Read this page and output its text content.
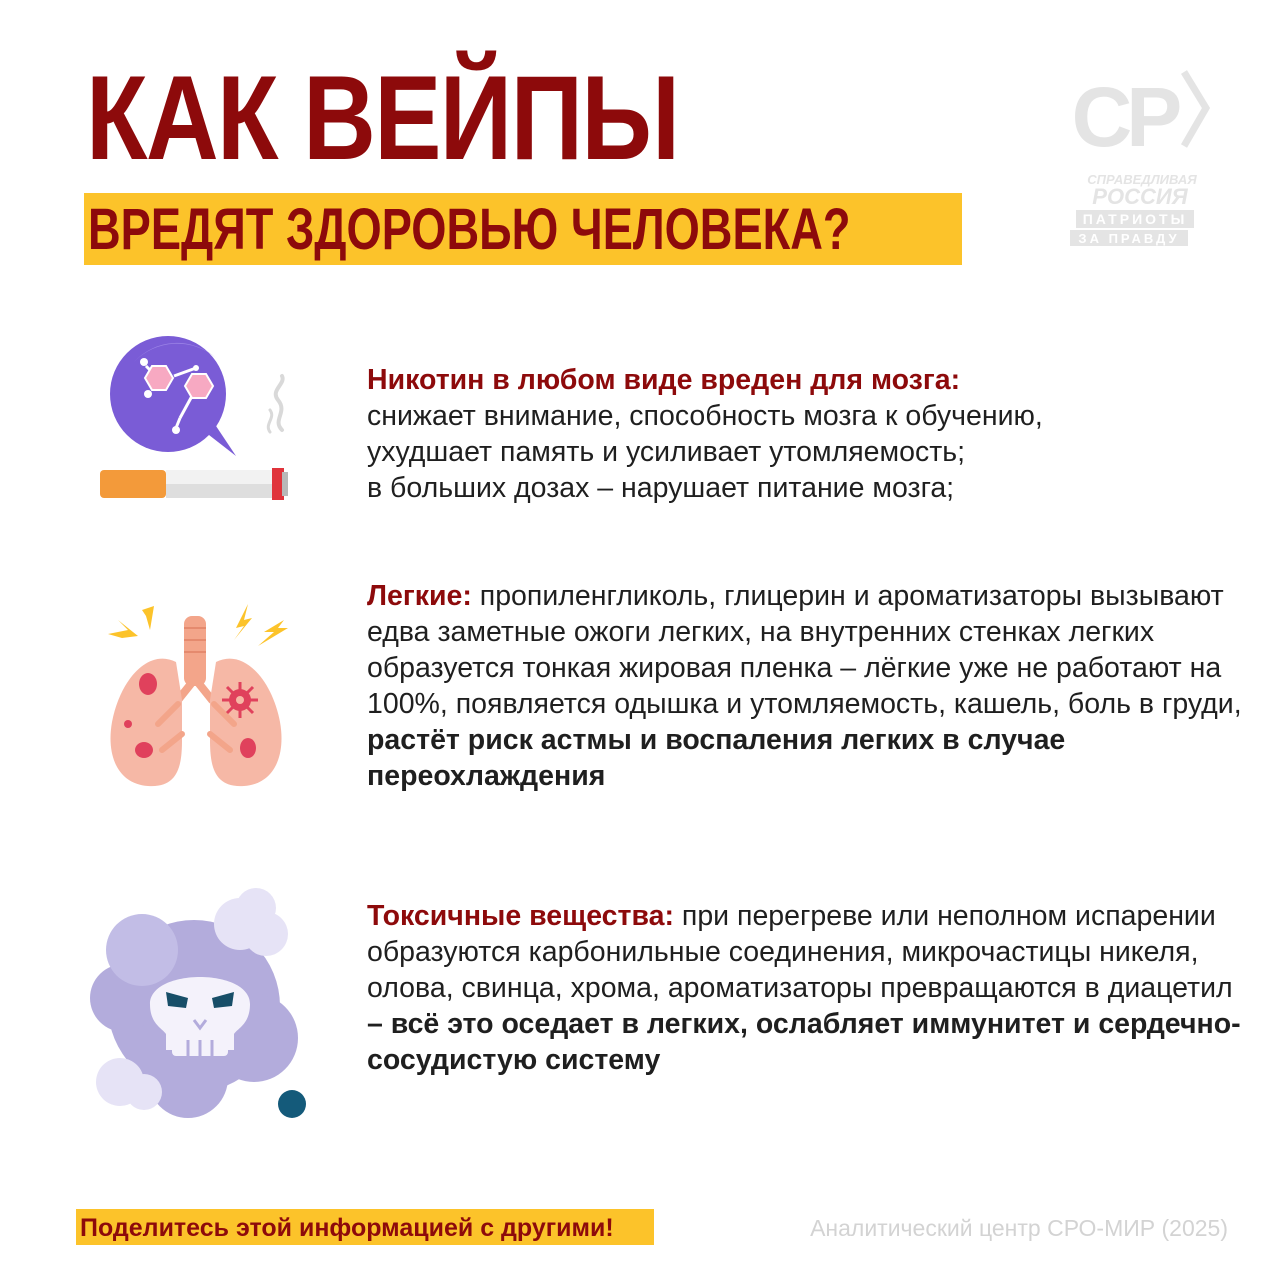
КАК ВЕЙПЫ
ВРЕДЯТ ЗДОРОВЬЮ ЧЕЛОВЕКА?
СР
СПРАВЕДЛИВАЯ
РОССИЯ
ПАТРИОТЫ
ЗА ПРАВДУ

Никотин в любом виде вреден для мозга:

снижает внимание, способность мозга к обучению,

ухудшает память и усиливает утомляемость;

в больших дозах – нарушает питание мозга;

Легкие: пропиленгликоль, глицерин и ароматизаторы вызывают едва заметные ожоги легких, на внутренних стенках легких образуется тонкая жировая пленка – лёгкие уже не работают на 100%, появляется одышка и утомляемость, кашель, боль в груди, растёт риск астмы и воспаления легких в случае переохлаждения

Токсичные вещества: при перегреве или неполном испарении образуются карбонильные соединения, микрочастицы никеля, олова, свинца, хрома, ароматизаторы превращаются в диацетил – всё это оседает в легких, ослабляет иммунитет и сердечно-сосудистую систему

Поделитесь этой информацией с другими!	Аналитический центр СРО-МИР (2025)
